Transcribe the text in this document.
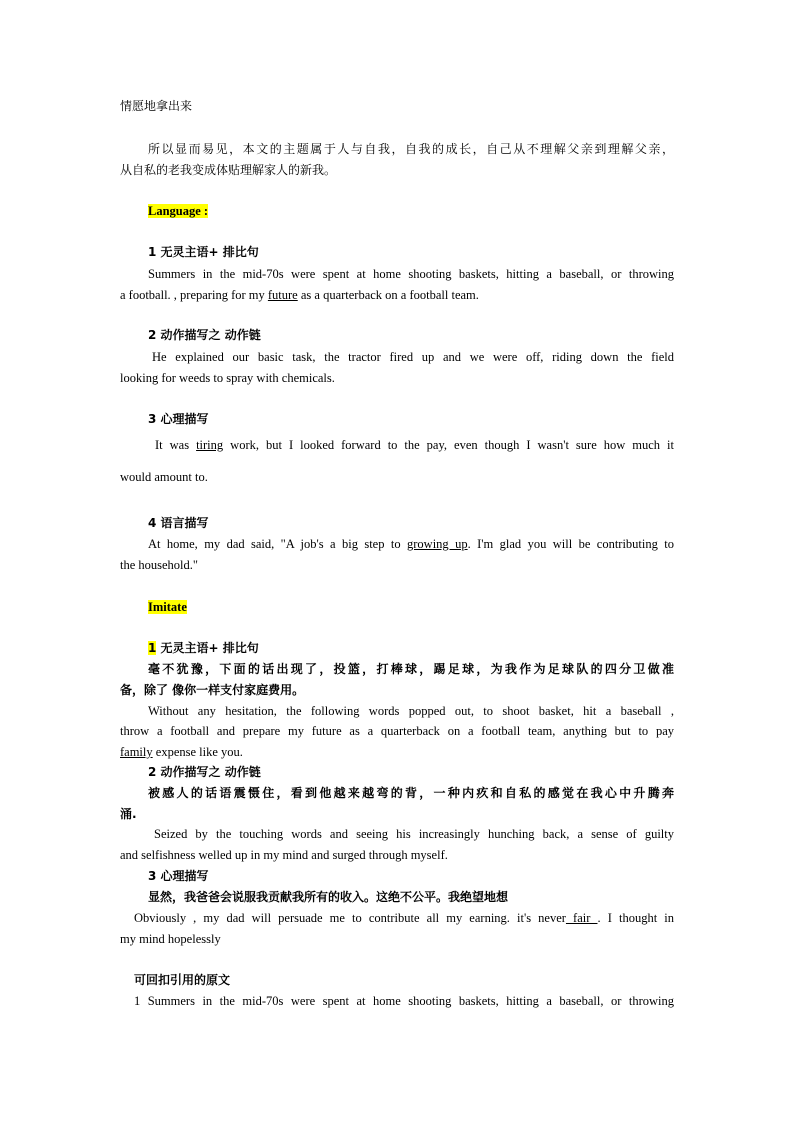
情愿地拿出来
所以显而易见，本文的主题属于人与自我，自我的成长，自己从不理解父亲到理解父亲，
从自私的老我变成体贴理解家人的新我。
Language :
1 无灵主语+ 排比句
Summers in the mid-70s were spent at home shooting baskets, hitting a baseball, or throwing
a football. , preparing for my future as a quarterback on a football team.
2 动作描写之 动作链
He explained our basic task, the tractor fired up and we were off, riding down the field
looking for weeds to spray with chemicals.
3 心理描写
It was tiring work, but I looked forward to the pay, even though I wasn't sure how much it
would amount to.
4 语言描写
At home, my dad said, "A job's a big step to growing up. I'm glad you will be contributing to
the household."
Imitate
1 无灵主语+ 排比句
毫不犹豫，下面的话出现了，投篮，打棒球，踢足球，为我作为足球队的四分卫做准
备，除了 像你一样支付家庭费用。
Without any hesitation, the following words popped out, to shoot basket, hit a baseball ,
throw a football and prepare my future as a quarterback on a football team, anything but to pay
family expense like you.
2 动作描写之 动作链
被感人的话语震慑住，看到他越来越弯的背，一种内疚和自私的感觉在我心中升腾奔
涌.
Seized by the touching words and seeing his increasingly hunching back, a sense of guilty
and selfishness welled up in my mind and surged through myself.
3 心理描写
显然，我爸爸会说服我贡献我所有的收入。这绝不公平。我绝望地想
Obviously , my dad will persuade me to contribute all my earning. it's never fair . I thought in
my mind hopelessly
可回扣引用的原文
1 Summers in the mid-70s were spent at home shooting baskets, hitting a baseball, or throwing
